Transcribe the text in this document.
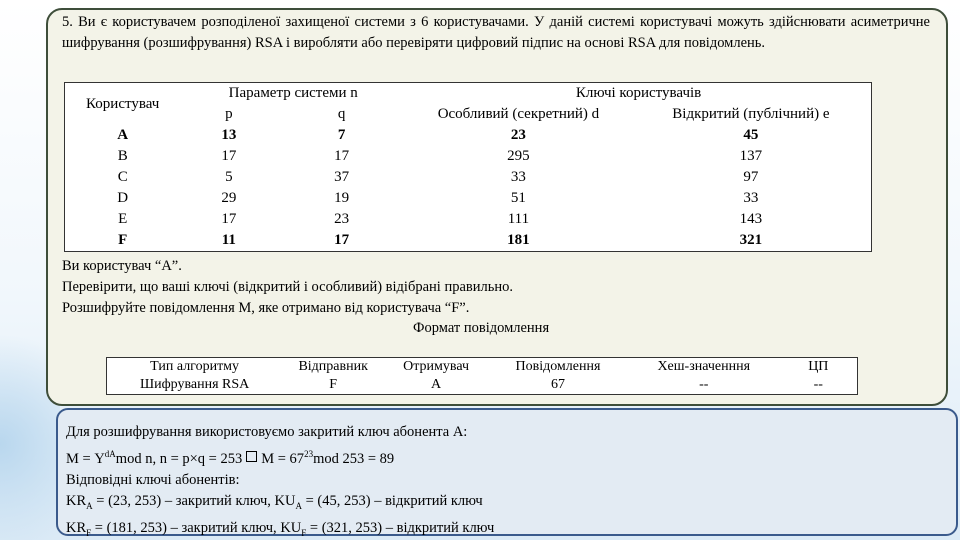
5. Ви є користувачем розподіленої захищеної системи з 6 користувачами. У даній системі користувачі можуть здійснювати асиметричне шифрування (розшифрування) RSA і виробляти або перевіряти цифровий підпис на основі RSA для повідомлень.
Користувач	Параметр системи n		Ключі користувачів	
	p	q	Особливий (секретний) d	Відкритий (публічний) e
A	13	7	23	45
B	17	17	295	137
C	5	37	33	97
D	29	19	51	33
E	17	23	111	143
F	11	17	181	321
Ви користувач “А”.
Перевірити, що ваші ключі (відкритий і особливий) відібрані правильно.
Розшифруйте повідомлення М, яке отримано від користувача “F”.
Формат повідомлення
Тип алгоритму	Відправник	Отримувач	Повідомлення	Хеш-значенння	ЦП
Шифрування RSA	F	А	67	--	--
Для розшифрування використовуємо закритий ключ абонента А:
$М = Y^{dA}mod$ n, n = p×q = 253 $M = 67^{23}mod$ 253 = 89
Відповідні ключі абонентів:
$KR_A = (23$, 253) – закритий ключ, $KU_A = (45$, 253) – відкритий ключ
$KR_F = (181$, 253) – закритий ключ, $KU_F = (321$, 253) – відкритий ключ
